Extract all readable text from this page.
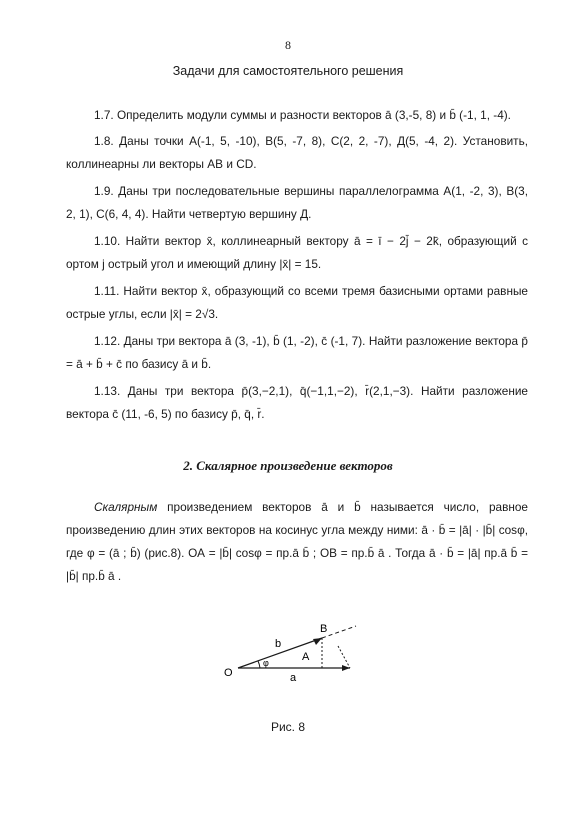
8
Задачи для самостоятельного решения
1.7. Определить модули суммы и разности векторов ā (3,-5, 8) и b̄ (-1, 1, -4).
1.8. Даны точки А(-1, 5, -10), В(5, -7, 8), С(2, 2, -7), Д(5, -4, 2). Установить, коллинеарны ли векторы AB и CD.
1.9. Даны три последовательные вершины параллелограмма А(1, -2, 3), В(3, 2, 1), С(6, 4, 4). Найти четвертую вершину Д.
1.10. Найти вектор x̄, коллинеарный вектору ā = ī − 2j̄ − 2k̄, образующий с ортом j острый угол и имеющий длину |x̄| = 15.
1.11. Найти вектор x̄, образующий со всеми тремя базисными ортами равные острые углы, если |x̄| = 2√3.
1.12. Даны три вектора ā (3, -1), b̄ (1, -2), c̄ (-1, 7). Найти разложение вектора p̄ = ā + b̄ + c̄ по базису ā и b̄.
1.13. Даны три вектора p̄(3,−2,1), q̄(−1,1,−2), r̄(2,1,−3). Найти разложение вектора c̄ (11, -6, 5) по базису p̄, q̄, r̄.
2. Скалярное произведение векторов
Скалярным произведением векторов ā и b̄ называется число, равное произведению длин этих векторов на косинус угла между ними: ā · b̄ = |ā| · |b̄| cosφ, где φ = (ā ; b̄) (рис.8). ОА = |b̄| cosφ = пр.ā b̄ ; ОВ = пр.b̄ ā . Тогда ā · b̄ = |ā| пр.ā b̄ = |b̄| пр.b̄ ā .
O
A
B
a
b
φ
Рис. 8
